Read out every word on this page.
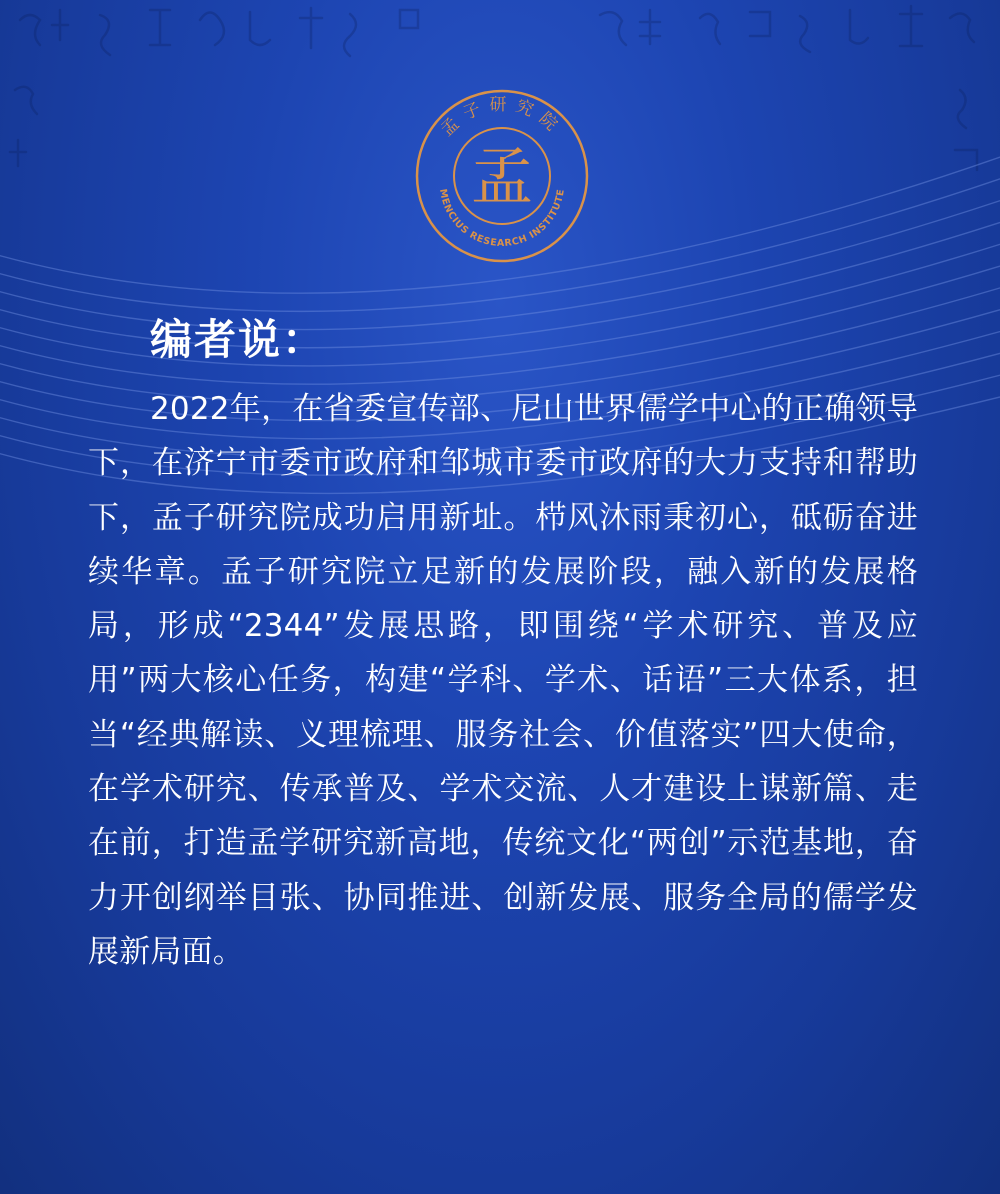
孟子研究院
MENCIUS RESEARCH INSTITUTE
孟
编者说：

2022年，在省委宣传部、尼山世界儒学中心的正确领导下，在济宁市委市政府和邹城市委市政府的大力支持和帮助下，孟子研究院成功启用新址。栉风沐雨秉初心，砥砺奋进续华章。孟子研究院立足新的发展阶段，融入新的发展格局，形成“2344”发展思路，即围绕“学术研究、普及应用”两大核心任务，构建“学科、学术、话语”三大体系，担当“经典解读、义理梳理、服务社会、价值落实”四大使命，在学术研究、传承普及、学术交流、人才建设上谋新篇、走在前，打造孟学研究新高地，传统文化“两创”示范基地，奋力开创纲举目张、协同推进、创新发展、服务全局的儒学发展新局面。
